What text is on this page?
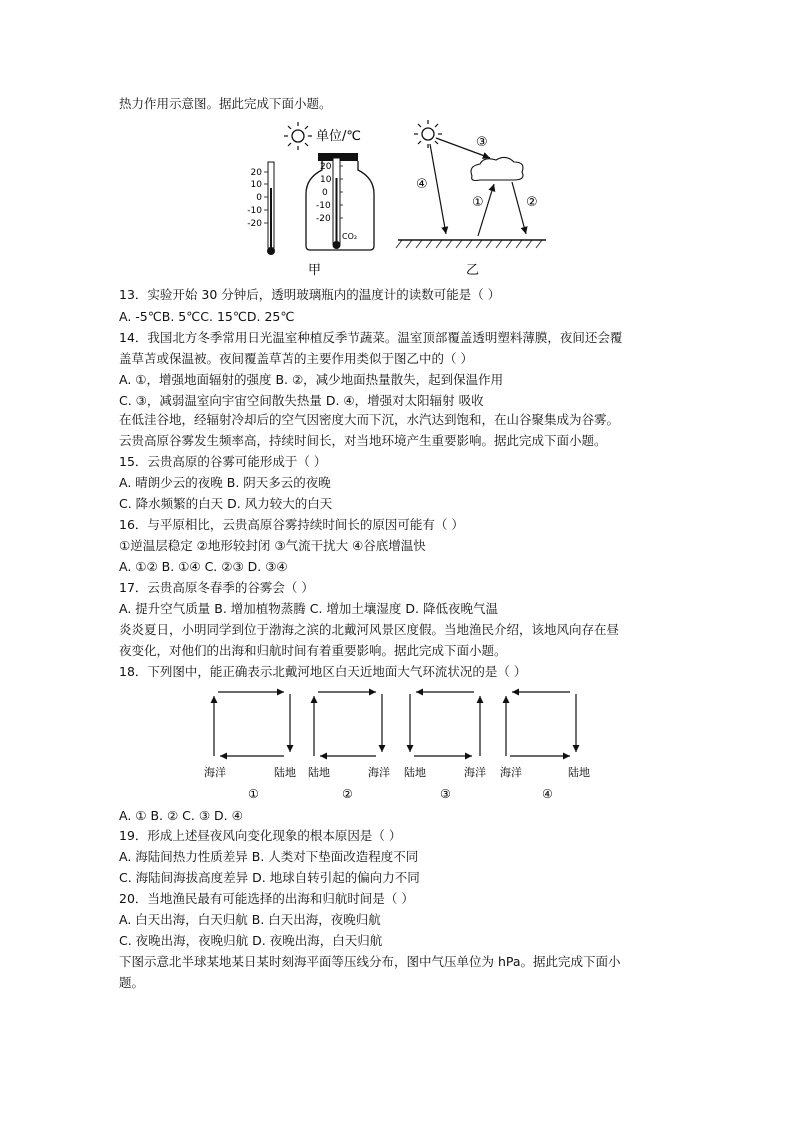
热力作用示意图。据此完成下面小题。
单位/℃
20
10
0
-10
-20
20
10
0
-10
-20
CO₂
甲
③
④
①	②
乙
13．实验开始 30 分钟后，透明玻璃瓶内的温度计的读数可能是（ ）
A. -5℃B. 5℃C. 15℃D. 25℃
14．我国北方冬季常用日光温室种植反季节蔬菜。温室顶部覆盖透明塑料薄膜，夜间还会覆
盖草苫或保温被。夜间覆盖草苫的主要作用类似于图乙中的（ ）
A. ①，增强地面辐射的强度 B. ②，减少地面热量散失，起到保温作用
C. ③，减弱温室向宇宙空间散失热量 D. ④，增强对太阳辐射 吸收
在低洼谷地，经辐射冷却后的空气因密度大而下沉，水汽达到饱和，在山谷聚集成为谷雾。
云贵高原谷雾发生频率高，持续时间长，对当地环境产生重要影响。据此完成下面小题。
15．云贵高原的谷雾可能形成于（ ）
A. 晴朗少云的夜晚 B. 阴天多云的夜晚
C. 降水频繁的白天 D. 风力较大的白天
16．与平原相比，云贵高原谷雾持续时间长的原因可能有（ ）
①逆温层稳定 ②地形较封闭 ③气流干扰大 ④谷底增温快
A. ①② B. ①④ C. ②③ D. ③④
17．云贵高原冬春季的谷雾会（ ）
A. 提升空气质量 B. 增加植物蒸腾 C. 增加土壤湿度 D. 降低夜晚气温
炎炎夏日，小明同学到位于渤海之滨的北戴河风景区度假。当地渔民介绍，该地风向存在昼
夜变化，对他们的出海和归航时间有着重要影响。据此完成下面小题。
18．下列图中，能正确表示北戴河地区白天近地面大气环流状况的是（ ）
海洋	陆地
①
陆地	海洋
②
陆地	海洋
③
海洋	陆地
④
A. ① B. ② C. ③ D. ④
19．形成上述昼夜风向变化现象的根本原因是（ ）
A. 海陆间热力性质差异 B. 人类对下垫面改造程度不同
C. 海陆间海拔高度差异 D. 地球自转引起的偏向力不同
20．当地渔民最有可能选择的出海和归航时间是（ ）
A. 白天出海，白天归航 B. 白天出海，夜晚归航
C. 夜晚出海，夜晚归航 D. 夜晚出海，白天归航
下图示意北半球某地某日某时刻海平面等压线分布，图中气压单位为 hPa。据此完成下面小
题。
